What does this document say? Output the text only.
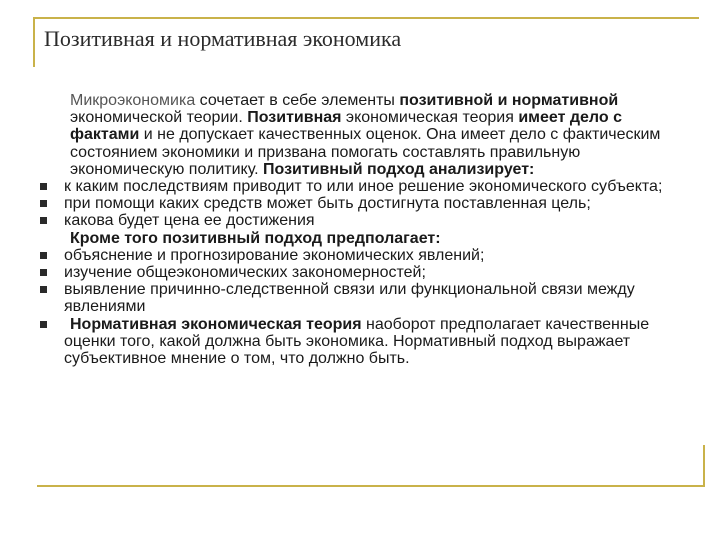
Позитивная и нормативная экономика

Микроэкономика сочетает в себе элементы позитивной и нормативной экономической теории. Позитивная экономическая теория имеет дело с фактами и не допускает качественных оценок. Она имеет дело с фактическим состоянием экономики и призвана помогать составлять правильную экономическую политику. Позитивный подход анализирует:

к каким последствиям приводит то или иное решение экономического субъекта;

при помощи каких средств может быть достигнута поставленная цель;

какова будет цена ее достижения

Кроме того позитивный подход предполагает:

объяснение и прогнозирование экономических явлений;

изучение общеэкономических закономерностей;

выявление причинно-следственной связи или функциональной связи между явлениями

Нормативная экономическая теория наоборот предполагает качественные оценки того, какой должна быть экономика. Нормативный подход выражает субъективное мнение о том, что должно быть.
